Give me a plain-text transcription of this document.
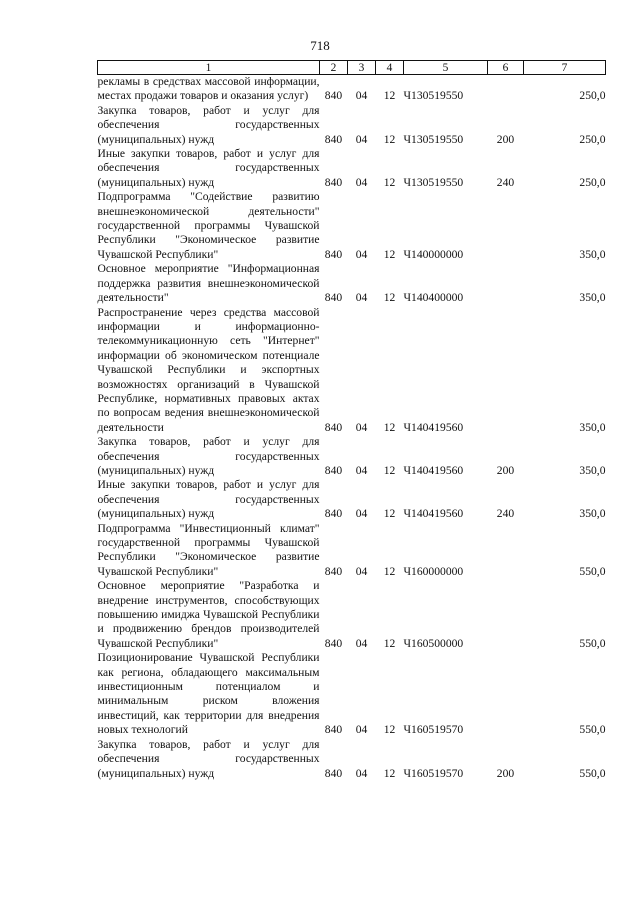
718
1	2	3	4	5	6	7
рекламы в средствах массовой информации, местах продажи товаров и оказания услуг)	840	04	12	Ч130519550		250,0
Закупка товаров, работ и услуг для обеспечения государственных (муниципальных) нужд	840	04	12	Ч130519550	200	250,0
Иные закупки товаров, работ и услуг для обеспечения государственных (муниципальных) нужд	840	04	12	Ч130519550	240	250,0
Подпрограмма "Содействие развитию внешнеэкономической деятельности" государственной программы Чувашской Республики "Экономическое развитие Чувашской Республики"	840	04	12	Ч140000000		350,0
Основное мероприятие "Информационная поддержка развития внешнеэкономической деятельности"	840	04	12	Ч140400000		350,0
Распространение через средства массовой информации и информационно-телекоммуникационную сеть "Интернет" информации об экономическом потенциале Чувашской Республики и экспортных возможностях организаций в Чувашской Республике, нормативных правовых актах по вопросам ведения внешнеэкономической деятельности	840	04	12	Ч140419560		350,0
Закупка товаров, работ и услуг для обеспечения государственных (муниципальных) нужд	840	04	12	Ч140419560	200	350,0
Иные закупки товаров, работ и услуг для обеспечения государственных (муниципальных) нужд	840	04	12	Ч140419560	240	350,0
Подпрограмма "Инвестиционный климат" государственной программы Чувашской Республики "Экономическое развитие Чувашской Республики"	840	04	12	Ч160000000		550,0
Основное мероприятие "Разработка и внедрение инструментов, способствующих повышению имиджа Чувашской Республики и продвижению брендов производителей Чувашской Республики"	840	04	12	Ч160500000		550,0
Позиционирование Чувашской Республики как региона, обладающего максимальным инвестиционным потенциалом и минимальным риском вложения инвестиций, как территории для внедрения новых технологий	840	04	12	Ч160519570		550,0
Закупка товаров, работ и услуг для обеспечения государственных (муниципальных) нужд	840	04	12	Ч160519570	200	550,0
